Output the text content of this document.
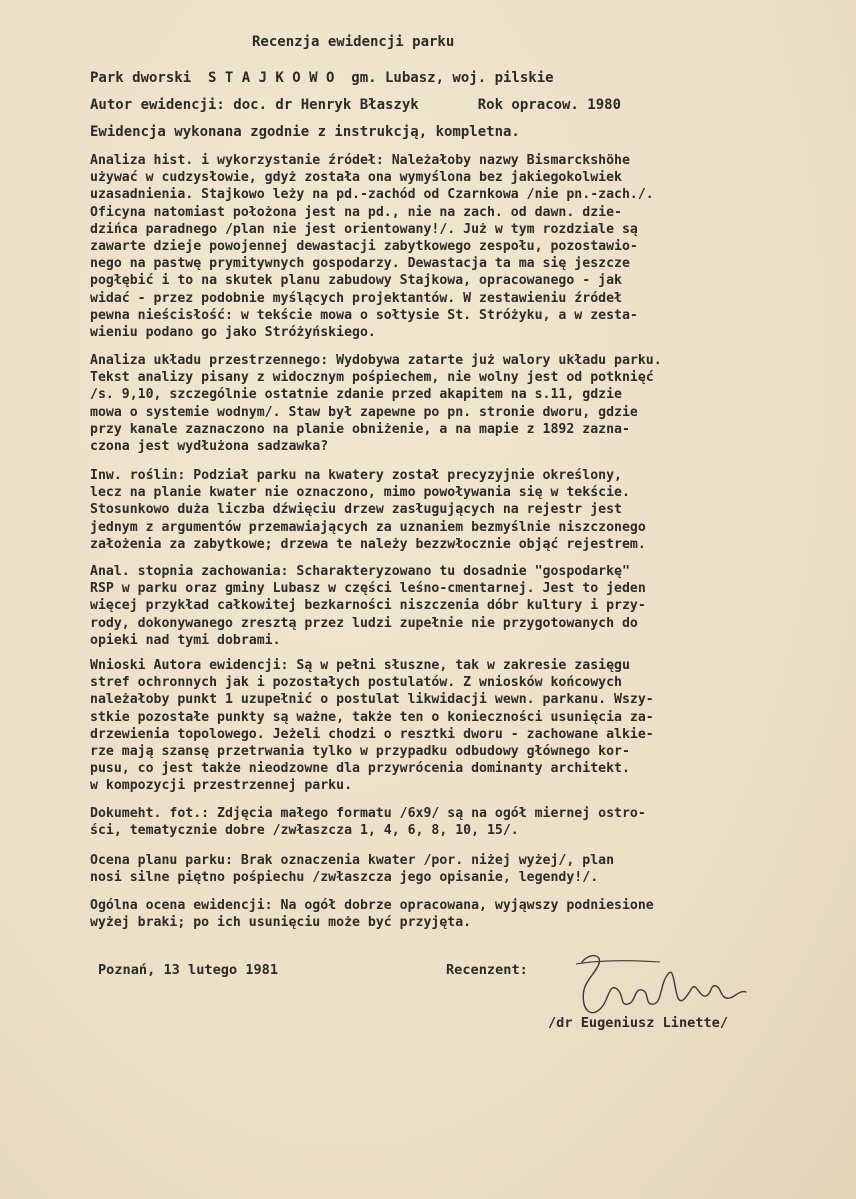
Recenzja ewidencji parku
Park dworski  S T A J K O W O  gm. Lubasz, woj. pilskie
Autor ewidencji: doc. dr Henryk Błaszyk       Rok opracow. 1980
Ewidencja wykonana zgodnie z instrukcją, kompletna.
Analiza hist. i wykorzystanie źródeł: Należałoby nazwy Bismarckshöhe
używać w cudzysłowie, gdyż została ona wymyślona bez jakiegokolwiek
uzasadnienia. Stajkowo leży na pd.-zachód od Czarnkowa /nie pn.-zach./.
Oficyna natomiast położona jest na pd., nie na zach. od dawn. dzie-
dzińca paradnego /plan nie jest orientowany!/. Już w tym rozdziale są
zawarte dzieje powojennej dewastacji zabytkowego zespołu, pozostawio-
nego na pastwę prymitywnych gospodarzy. Dewastacja ta ma się jeszcze
pogłębić i to na skutek planu zabudowy Stajkowa, opracowanego - jak
widać - przez podobnie myślących projektantów. W zestawieniu źródeł
pewna nieścisłość: w tekście mowa o sołtysie St. Stróżyku, a w zesta-
wieniu podano go jako Stróżyńskiego.
Analiza układu przestrzennego: Wydobywa zatarte już walory układu parku.
Tekst analizy pisany z widocznym pośpiechem, nie wolny jest od potknięć
/s. 9,10, szczególnie ostatnie zdanie przed akapitem na s.11, gdzie
mowa o systemie wodnym/. Staw był zapewne po pn. stronie dworu, gdzie
przy kanale zaznaczono na planie obniżenie, a na mapie z 1892 zazna-
czona jest wydłużona sadzawka?
Inw. roślin: Podział parku na kwatery został precyzyjnie określony,
lecz na planie kwater nie oznaczono, mimo powoływania się w tekście.
Stosunkowo duża liczba dźwięciu drzew zasługujących na rejestr jest
jednym z argumentów przemawiających za uznaniem bezmyślnie niszczonego
założenia za zabytkowe; drzewa te należy bezzwłocznie objąć rejestrem.
Anal. stopnia zachowania: Scharakteryzowano tu dosadnie "gospodarkę"
RSP w parku oraz gminy Lubasz w części leśno-cmentarnej. Jest to jeden
więcej przykład całkowitej bezkarności niszczenia dóbr kultury i przy-
rody, dokonywanego zresztą przez ludzi zupełnie nie przygotowanych do
opieki nad tymi dobrami.
Wnioski Autora ewidencji: Są w pełni słuszne, tak w zakresie zasięgu
stref ochronnych jak i pozostałych postulatów. Z wniosków końcowych
należałoby punkt 1 uzupełnić o postulat likwidacji wewn. parkanu. Wszy-
stkie pozostałe punkty są ważne, także ten o konieczności usunięcia za-
drzewienia topolowego. Jeżeli chodzi o resztki dworu - zachowane alkie-
rze mają szansę przetrwania tylko w przypadku odbudowy głównego kor-
pusu, co jest także nieodzowne dla przywrócenia dominanty architekt.
w kompozycji przestrzennej parku.
Dokumeht. fot.: Zdjęcia małego formatu /6x9/ są na ogół miernej ostro-
ści, tematycznie dobre /zwłaszcza 1, 4, 6, 8, 10, 15/.
Ocena planu parku: Brak oznaczenia kwater /por. niżej wyżej/, plan
nosi silne piętno pośpiechu /zwłaszcza jego opisanie, legendy!/.
Ogólna ocena ewidencji: Na ogół dobrze opracowana, wyjąwszy podniesione
wyżej braki; po ich usunięciu może być przyjęta.
Poznań, 13 lutego 1981	Recenzent:
/dr Eugeniusz Linette/
